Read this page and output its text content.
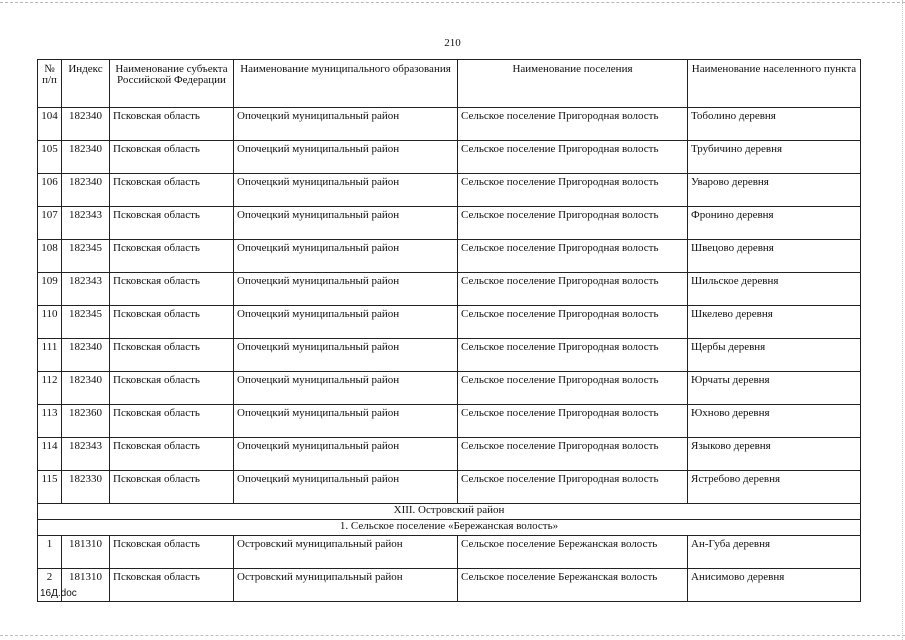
210
№ п/п	Индекс	Наименование субъекта Российской Федерации	Наименование муниципального образования	Наименование поселения	Наименование населенного пункта
104	182340	Псковская область	Опочецкий муниципальный район	Сельское поселение Пригородная волость	Тоболино деревня
105	182340	Псковская область	Опочецкий муниципальный район	Сельское поселение Пригородная волость	Трубичино деревня
106	182340	Псковская область	Опочецкий муниципальный район	Сельское поселение Пригородная волость	Уварово деревня
107	182343	Псковская область	Опочецкий муниципальный район	Сельское поселение Пригородная волость	Фронино деревня
108	182345	Псковская область	Опочецкий муниципальный район	Сельское поселение Пригородная волость	Швецово деревня
109	182343	Псковская область	Опочецкий муниципальный район	Сельское поселение Пригородная волость	Шильское деревня
110	182345	Псковская область	Опочецкий муниципальный район	Сельское поселение Пригородная волость	Шкелево деревня
111	182340	Псковская область	Опочецкий муниципальный район	Сельское поселение Пригородная волость	Щербы деревня
112	182340	Псковская область	Опочецкий муниципальный район	Сельское поселение Пригородная волость	Юрчаты деревня
113	182360	Псковская область	Опочецкий муниципальный район	Сельское поселение Пригородная волость	Юхново деревня
114	182343	Псковская область	Опочецкий муниципальный район	Сельское поселение Пригородная волость	Языково деревня
115	182330	Псковская область	Опочецкий муниципальный район	Сельское поселение Пригородная волость	Ястребово деревня
XIII. Островский район					
1. Сельское поселение «Бережанская волость»					
1	181310	Псковская область	Островский муниципальный район	Сельское поселение Бережанская волость	Ан-Губа деревня
2	181310	Псковская область	Островский муниципальный район	Сельское поселение Бережанская волость	Анисимово деревня
16Д.doc
